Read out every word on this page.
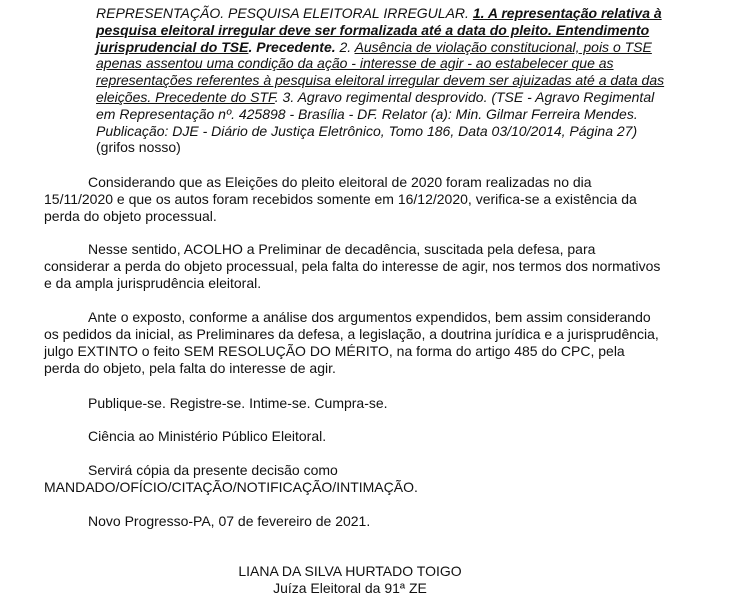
REPRESENTAÇÃO. PESQUISA ELEITORAL IRREGULAR. 1. A representação relativa à pesquisa eleitoral irregular deve ser formalizada até a data do pleito. Entendimento jurisprudencial do TSE. Precedente. 2. Ausência de violação constitucional, pois o TSE apenas assentou uma condição da ação - interesse de agir - ao estabelecer que as representações referentes à pesquisa eleitoral irregular devem ser ajuizadas até a data das eleições. Precedente do STF. 3. Agravo regimental desprovido. (TSE - Agravo Regimental em Representação nº. 425898 - Brasília - DF. Relator (a): Min. Gilmar Ferreira Mendes. Publicação: DJE - Diário de Justiça Eletrônico, Tomo 186, Data 03/10/2014, Página 27) (grifos nosso)

Considerando que as Eleições do pleito eleitoral de 2020 foram realizadas no dia 15/11/2020 e que os autos foram recebidos somente em 16/12/2020, verifica-se a existência da perda do objeto processual.

Nesse sentido, ACOLHO a Preliminar de decadência, suscitada pela defesa, para considerar a perda do objeto processual, pela falta do interesse de agir, nos termos dos normativos e da ampla jurisprudência eleitoral.

Ante o exposto, conforme a análise dos argumentos expendidos, bem assim considerando os pedidos da inicial, as Preliminares da defesa, a legislação, a doutrina jurídica e a jurisprudência, julgo EXTINTO o feito SEM RESOLUÇÃO DO MÉRITO, na forma do artigo 485 do CPC, pela perda do objeto, pela falta do interesse de agir.

Publique-se. Registre-se. Intime-se. Cumpra-se.

Ciência ao Ministério Público Eleitoral.

Servirá cópia da presente decisão como MANDADO/OFÍCIO/CITAÇÃO/NOTIFICAÇÃO/INTIMAÇÃO.

Novo Progresso-PA, 07 de fevereiro de 2021.

LIANA DA SILVA HURTADO TOIGO

Juíza Eleitoral da 91ª ZE
